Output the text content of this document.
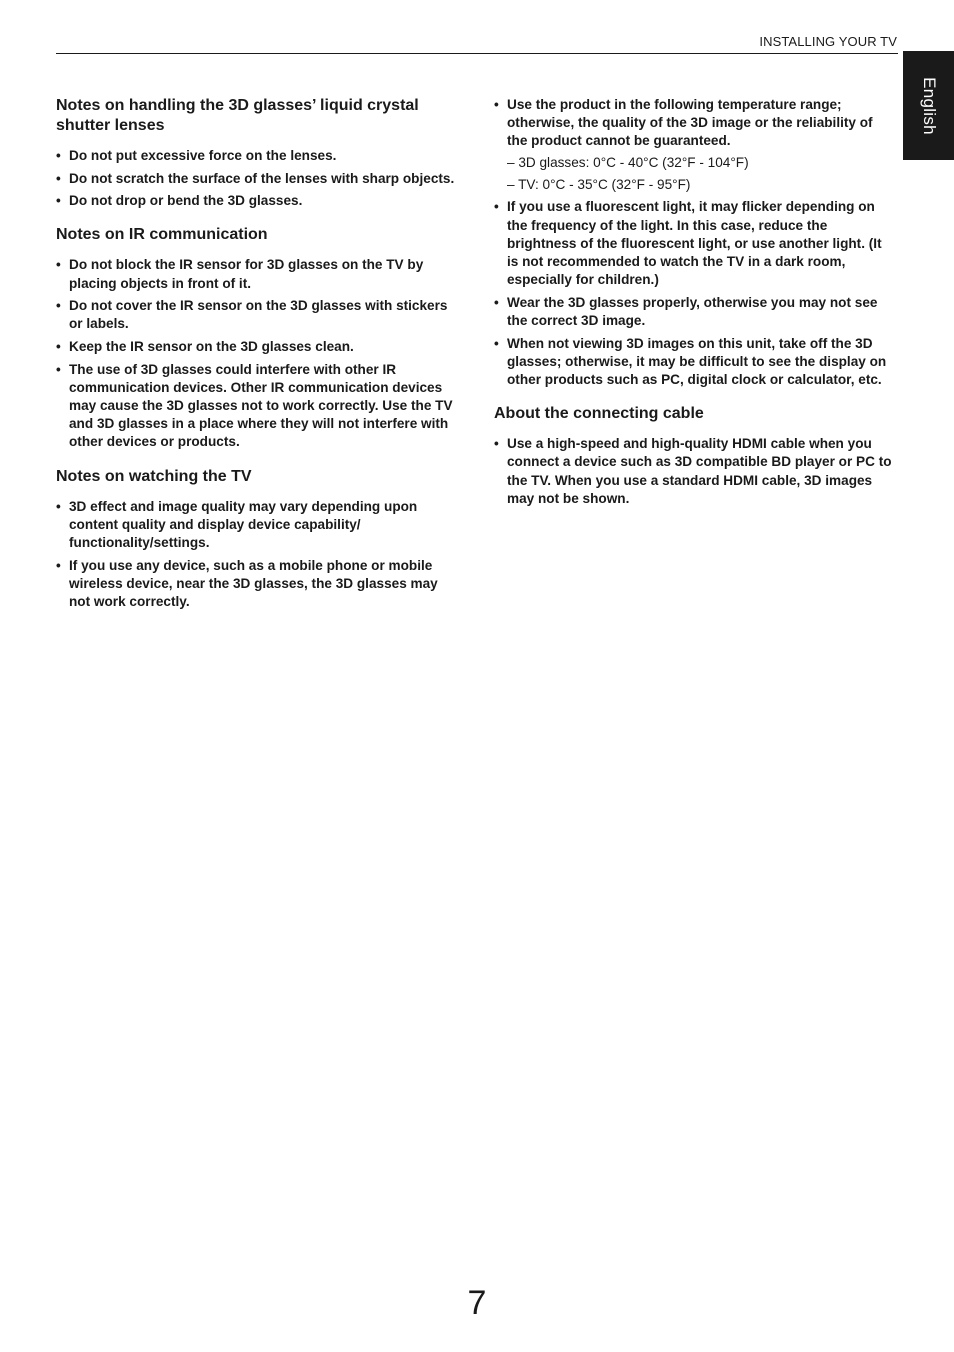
INSTALLING YOUR TV
English
Notes on handling the 3D glasses’ liquid crystal shutter lenses
• Do not put excessive force on the lenses.
• Do not scratch the surface of the lenses with sharp objects.
• Do not drop or bend the 3D glasses.
Notes on IR communication
• Do not block the IR sensor for 3D glasses on the TV by placing objects in front of it.
• Do not cover the IR sensor on the 3D glasses with stickers or labels.
• Keep the IR sensor on the 3D glasses clean.
• The use of 3D glasses could interfere with other IR communication devices. Other IR communication devices may cause the 3D glasses not to work correctly. Use the TV and 3D glasses in a place where they will not interfere with other devices or products.
Notes on watching the TV
• 3D effect and image quality may vary depending upon content quality and display device capability/ functionality/settings.
• If you use any device, such as a mobile phone or mobile wireless device, near the 3D glasses, the 3D glasses may not work correctly.
• Use the product in the following temperature range; otherwise, the quality of the 3D image or the reliability of the product cannot be guaranteed.
– 3D glasses: 0°C - 40°C (32°F - 104°F)
– TV: 0°C - 35°C (32°F - 95°F)
• If you use a fluorescent light, it may flicker depending on the frequency of the light. In this case, reduce the brightness of the fluorescent light, or use another light. (It is not recommended to watch the TV in a dark room, especially for children.)
• Wear the 3D glasses properly, otherwise you may not see the correct 3D image.
• When not viewing 3D images on this unit, take off the 3D glasses; otherwise, it may be difficult to see the display on other products such as PC, digital clock or calculator, etc.
About the connecting cable
• Use a high-speed and high-quality HDMI cable when you connect a device such as 3D compatible BD player or PC to the TV. When you use a standard HDMI cable, 3D images may not be shown.
7
